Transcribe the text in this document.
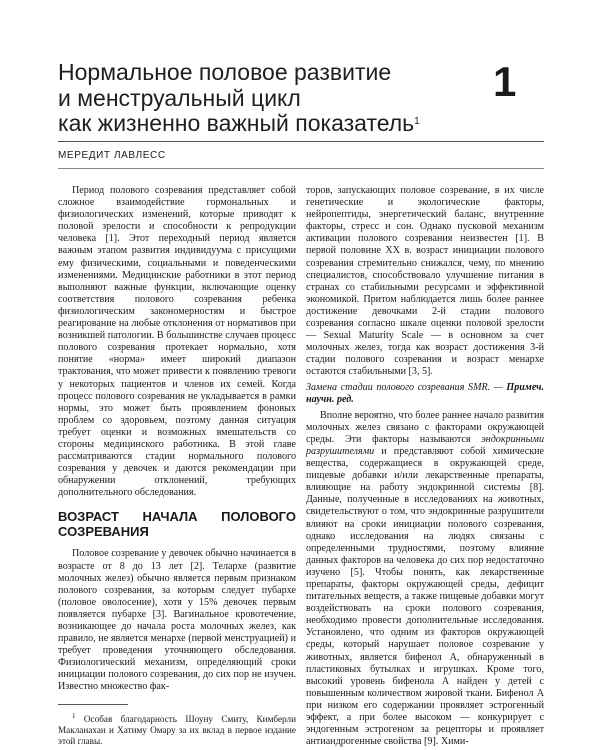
Нормальное половое развитие
и менструальный цикл
как жизненно важный показатель$^1$
1
МЕРЕДИТ ЛАВЛЕСС

Период полового созревания представляет собой сложное взаимодействие гормональных и физиологических изменений, которые приводят к половой зрелости и способности к репродукции человека [1]. Этот переходный период является важным этапом развития индивидуума с присущими ему физическими, социальными и поведенческими изменениями. Медицинские работники в этот период выполняют важные функции, включающие оценку соответствия полового созревания ребенка физиологическим закономерностям и быстрое реагирование на любые отклонения от нормативов при возникшей патологии. В большинстве случаев процесс полового созревания протекает нормально, хотя понятие «норма» имеет широкий диапазон трактования, что может привести к появлению тревоги у некоторых пациентов и членов их семей. Когда процесс полового созревания не укладывается в рамки нормы, это может быть проявлением фоновых проблем со здоровьем, поэтому данная ситуация требует оценки и возможных вмешательств со стороны медицинского работника. В этой главе рассматриваются стадии нормального полового созревания у девочек и даются рекомендации при обнаружении отклонений, требующих дополнительного обследования.

ВОЗРАСТ НАЧАЛА ПОЛОВОГО СОЗРЕВАНИЯ

Половое созревание у девочек обычно начинается в возрасте от 8 до 13 лет [2]. Телархе (развитие молочных желез) обычно является первым признаком полового созревания, за которым следует пубархе (половое оволосение), хотя у 15% девочек первым появляется пубархе [3]. Вагинальное кровотечение, возникающее до начала роста молочных желез, как правило, не является менархе (первой менструацией) и требует проведения уточняющего обследования. Физиологический механизм, определяющий сроки инициации полового созревания, до сих пор не изучен. Известно множество фак-

$^1$ Особая благодарность Шоуну Смиту, Кимберли Макланахан и Хатиму Омару за их вклад в первое издание этой главы.

торов, запускающих половое созревание, в их числе генетические и экологические факторы, нейропептиды, энергетический баланс, внутренние факторы, стресс и сон. Однако пусковой механизм активации полового созревания неизвестен [1]. В первой половине XX в. возраст инициации полового созревания стремительно снижался, чему, по мнению специалистов, способствовало улучшение питания в странах со стабильными ресурсами и эффективной экономикой. Притом наблюдается лишь более раннее достижение девочками 2-й стадии полового созревания согласно шкале оценки половой зрелости — Sexual Maturity Scale — в основном за счет молочных желез, тогда как возраст достижения 3-й стадии полового созревания и возраст менархе остаются стабильными [3, 5].

Замена стадии полового созревания SMR. — Примеч. научн. ред.

Вполне вероятно, что более раннее начало развития молочных желез связано с факторами окружающей среды. Эти факторы называются эндокринными разрушителями и представляют собой химические вещества, содержащиеся в окружающей среде, пищевые добавки и/или лекарственные препараты, влияющие на работу эндокринной системы [8]. Данные, полученные в исследованиях на животных, свидетельствуют о том, что эндокринные разрушители влияют на сроки инициации полового созревания, однако исследования на людях связаны с определенными трудностями, поэтому влияние данных факторов на человека до сих пор недостаточно изучено [5]. Чтобы понять, как лекарственные препараты, факторы окружающей среды, дефицит питательных веществ, а также пищевые добавки могут воздействовать на сроки полового созревания, необходимо провести дополнительные исследования. Установлено, что одним из факторов окружающей среды, который нарушает половое созревание у животных, является бифенол А, обнаруженный в пластиковых бутылках и игрушках. Кроме того, высокий уровень бифенола А найден у детей с повышенным количеством жировой ткани. Бифенол А при низком его содержании проявляет эстрогенный эффект, а при более высоком — конкурирует с эндогенным эстрогеном за рецепторы и проявляет антиандрогенные свойства [9]. Хими-
